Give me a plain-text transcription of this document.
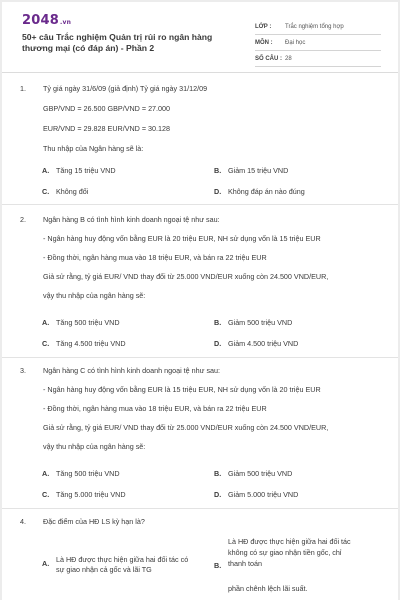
2048.vn
50+ câu Trắc nghiệm Quản trị rủi ro ngân hàng thương mại (có đáp án) - Phần 2
LỚP :	Trắc nghiệm tổng hợp
MÔN :	Đại học
SỐ CÂU : 28
1. Tỷ giá ngày 31/6/09 (giả định) Tỷ giá ngày 31/12/09
GBP/VND = 26.500 GBP/VND = 27.000
EUR/VND = 29.828 EUR/VND = 30.128
Thu nhập của Ngân hàng sẽ là:
A. Tăng 15 triệu VND	B. Giảm 15 triệu VND
C. Không đổi	D. Không đáp án nào đúng
2. Ngân hàng B có tình hình kinh doanh ngoại tệ như sau:
- Ngân hàng huy động vốn bằng EUR là 20 triệu EUR, NH sử dụng vốn là 15 triệu EUR
- Đồng thời, ngân hàng mua vào 18 triệu EUR, và bán ra 22 triệu EUR
Giả sử rằng, tỷ giá EUR/ VND thay đổi từ 25.000 VND/EUR xuống còn 24.500 VND/EUR,
vậy thu nhập của ngân hàng sẽ:
A. Tăng 500 triệu VND	B. Giảm 500 triệu VND
C. Tăng 4.500 triệu VND	D. Giảm 4.500 triệu VND
3. Ngân hàng C có tình hình kinh doanh ngoại tệ như sau:
- Ngân hàng huy động vốn bằng EUR là 15 triệu EUR, NH sử dụng vốn là 20 triệu EUR
- Đồng thời, ngân hàng mua vào 18 triệu EUR, và bán ra 22 triệu EUR
Giả sử rằng, tỷ giá EUR/ VND thay đổi từ 25.000 VND/EUR xuống còn 24.500 VND/EUR,
vậy thu nhập của ngân hàng sẽ:
A. Tăng 500 triệu VND	B. Giảm 500 triệu VND
C. Tăng 5.000 triệu VND	D. Giảm 5.000 triệu VND
4. Đặc điểm của HĐ LS kỳ hạn là?
A. Là HĐ được thực hiện giữa hai đối tác có sự giao nhận cả gốc và lãi TG	B.Là HĐ được thực hiện giữa hai đối tác không có sự giao nhận tiền gốc, chỉ thanh toán
phần chênh lệch lãi suất.
